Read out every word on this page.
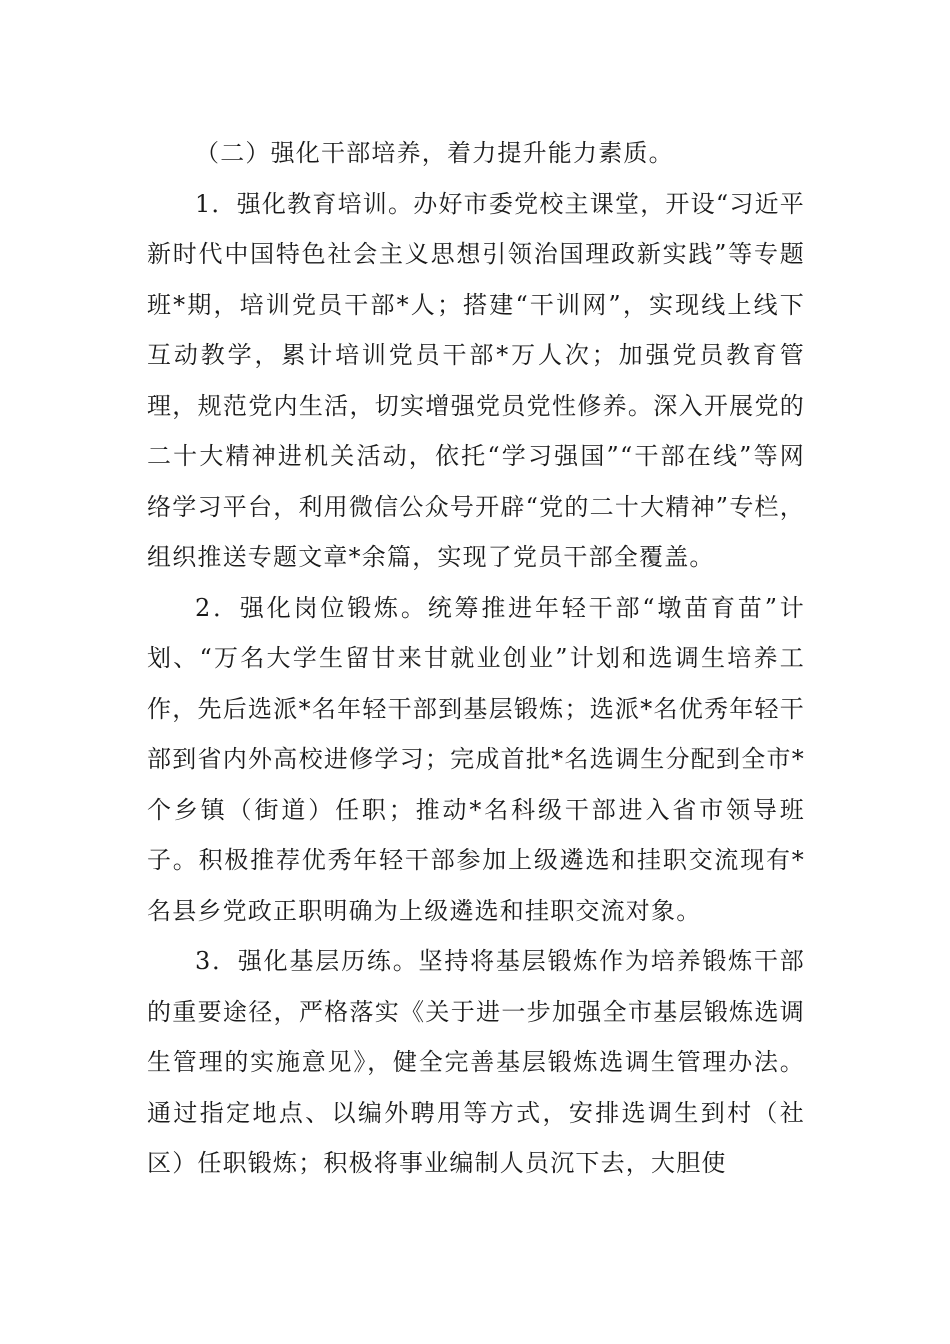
（二）强化干部培养，着力提升能力素质。

1．强化教育培训。办好市委党校主课堂，开设“习近平新时代中国特色社会主义思想引领治国理政新实践”等专题班*期，培训党员干部*人；搭建“干训网”，实现线上线下互动教学，累计培训党员干部*万人次；加强党员教育管理，规范党内生活，切实增强党员党性修养。深入开展党的二十大精神进机关活动，依托“学习强国”“干部在线”等网络学习平台，利用微信公众号开辟“党的二十大精神”专栏，组织推送专题文章*余篇，实现了党员干部全覆盖。

2．强化岗位锻炼。统筹推进年轻干部“墩苗育苗”计划、“万名大学生留甘来甘就业创业”计划和选调生培养工作，先后选派*名年轻干部到基层锻炼；选派*名优秀年轻干部到省内外高校进修学习；完成首批*名选调生分配到全市*个乡镇（街道）任职；推动*名科级干部进入省市领导班子。积极推荐优秀年轻干部参加上级遴选和挂职交流现有*名县乡党政正职明确为上级遴选和挂职交流对象。

3．强化基层历练。坚持将基层锻炼作为培养锻炼干部的重要途径，严格落实《关于进一步加强全市基层锻炼选调生管理的实施意见》，健全完善基层锻炼选调生管理办法。通过指定地点、以编外聘用等方式，安排选调生到村（社区）任职锻炼；积极将事业编制人员沉下去，大胆使
